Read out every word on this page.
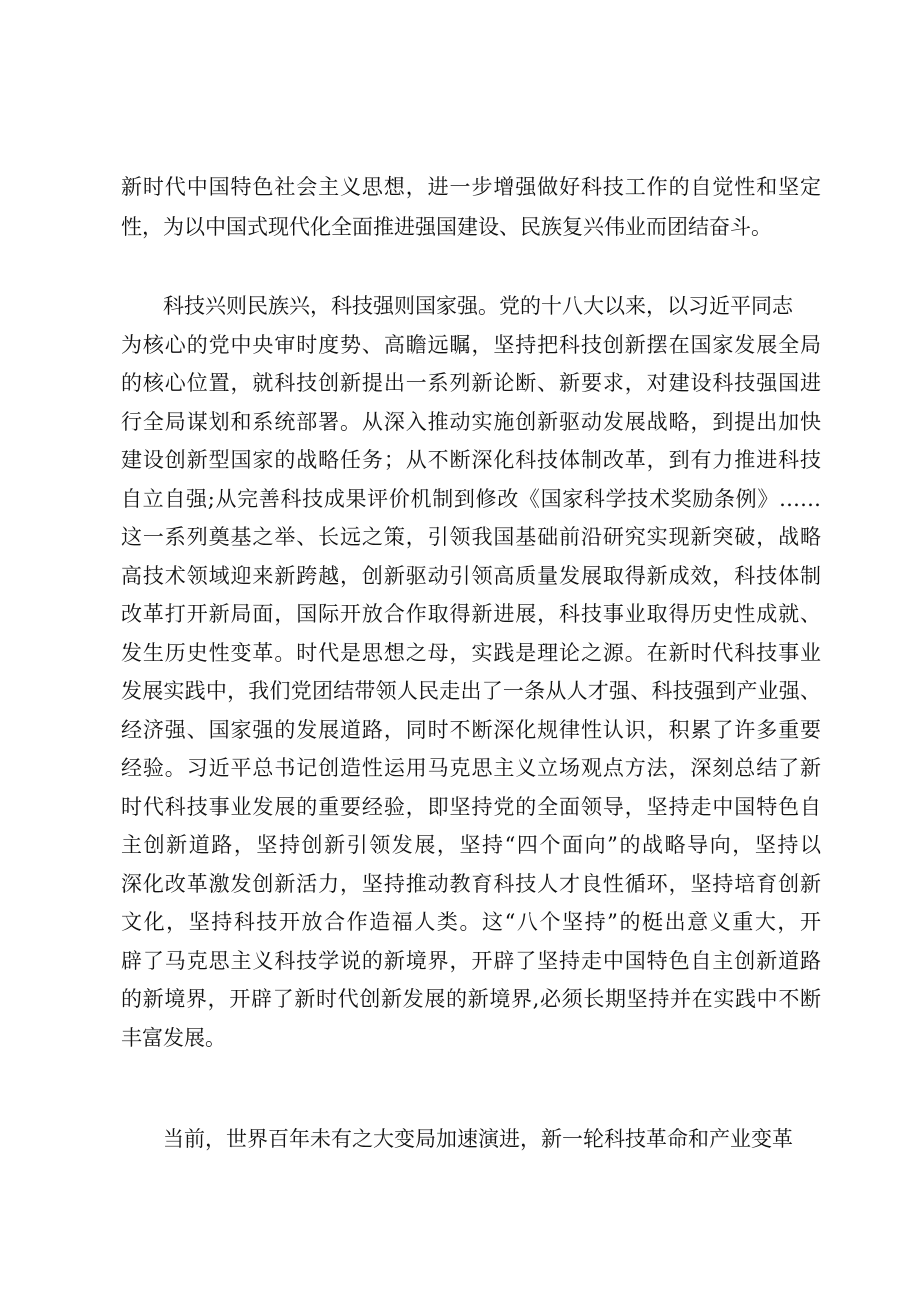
新时代中国特色社会主义思想，进一步增强做好科技工作的自觉性和坚定
性，为以中国式现代化全面推进强国建设、民族复兴伟业而团结奋斗。
科技兴则民族兴，科技强则国家强。党的十八大以来，以习近平同志
为核心的党中央审时度势、高瞻远瞩，坚持把科技创新摆在国家发展全局
的核心位置，就科技创新提出一系列新论断、新要求，对建设科技强国进
行全局谋划和系统部署。从深入推动实施创新驱动发展战略，到提出加快
建设创新型国家的战略任务；从不断深化科技体制改革，到有力推进科技
自立自强;从完善科技成果评价机制到修改《国家科学技术奖励条例》……
这一系列奠基之举、长远之策，引领我国基础前沿研究实现新突破，战略
高技术领域迎来新跨越，创新驱动引领高质量发展取得新成效，科技体制
改革打开新局面，国际开放合作取得新进展，科技事业取得历史性成就、
发生历史性变革。时代是思想之母，实践是理论之源。在新时代科技事业
发展实践中，我们党团结带领人民走出了一条从人才强、科技强到产业强、
经济强、国家强的发展道路，同时不断深化规律性认识，积累了许多重要
经验。习近平总书记创造性运用马克思主义立场观点方法，深刻总结了新
时代科技事业发展的重要经验，即坚持党的全面领导，坚持走中国特色自
主创新道路，坚持创新引领发展，坚持“四个面向”的战略导向，坚持以
深化改革激发创新活力，坚持推动教育科技人才良性循环，坚持培育创新
文化，坚持科技开放合作造福人类。这“八个坚持”的梃出意义重大，开
辟了马克思主义科技学说的新境界，开辟了坚持走中国特色自主创新道路
的新境界，开辟了新时代创新发展的新境界,必须长期坚持并在实践中不断
丰富发展。
当前，世界百年未有之大变局加速演进，新一轮科技革命和产业变革
